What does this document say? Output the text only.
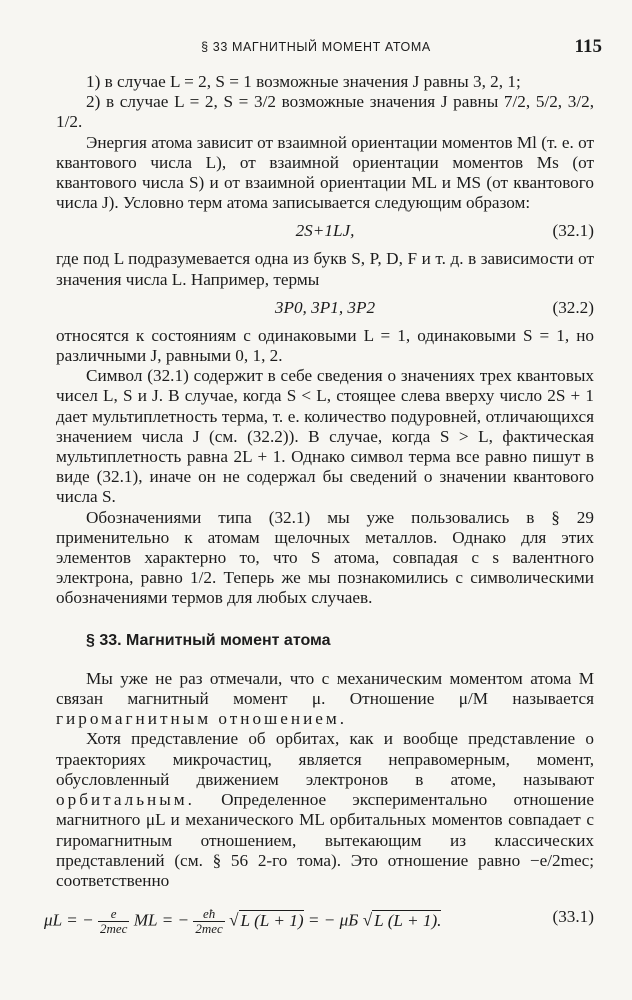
§ 33 МАГНИТНЫЙ МОМЕНТ АТОМА	115

1) в случае L = 2, S = 1 возможные значения J равны 3, 2, 1;

2) в случае L = 2, S = 3/2 возможные значения J равны 7/2, 5/2, 3/2, 1/2.

Энергия атома зависит от взаимной ориентации моментов Ml (т. е. от квантового числа L), от взаимной ориентации моментов Ms (от квантового числа S) и от взаимной ориентации ML и MS (от квантового числа J). Условно терм атома записывается следующим образом:

2S+1LJ,	(32.1)

где под L подразумевается одна из букв S, P, D, F и т. д. в зависимости от значения числа L. Например, термы

3P0, 3P1, 3P2	(32.2)

относятся к состояниям с одинаковыми L = 1, одинаковыми S = 1, но различными J, равными 0, 1, 2.

Символ (32.1) содержит в себе сведения о значениях трех квантовых чисел L, S и J. В случае, когда S < L, стоящее слева вверху число 2S + 1 дает мультиплетность терма, т. е. количество подуровней, отличающихся значением числа J (см. (32.2)). В случае, когда S > L, фактическая мультиплетность равна 2L + 1. Однако символ терма все равно пишут в виде (32.1), иначе он не содержал бы сведений о значении квантового числа S.

Обозначениями типа (32.1) мы уже пользовались в § 29 применительно к атомам щелочных металлов. Однако для этих элементов характерно то, что S атома, совпадая с s валентного электрона, равно 1/2. Теперь же мы познакомились с символическими обозначениями термов для любых случаев.

§ 33. Магнитный момент атома

Мы уже не раз отмечали, что с механическим моментом атома M связан магнитный момент μ. Отношение μ/M называется гиромагнитным отношением.

Хотя представление об орбитах, как и вообще представление о траекториях микрочастиц, является неправомерным, момент, обусловленный движением электронов в атоме, называют орбитальным. Определенное экспериментально отношение магнитного μL и механического ML орбитальных моментов совпадает с гиромагнитным отношением, вытекающим из классических представлений (см. § 56 2-го тома). Это отношение равно −e/2mec; соответственно

μL = − $\frac{e}{\text{2mec}}$ ML = − $\frac{eħ}{\text{2mec}}$ √ L (L + 1) = − μБ √ L (L + 1).	(33.1)
